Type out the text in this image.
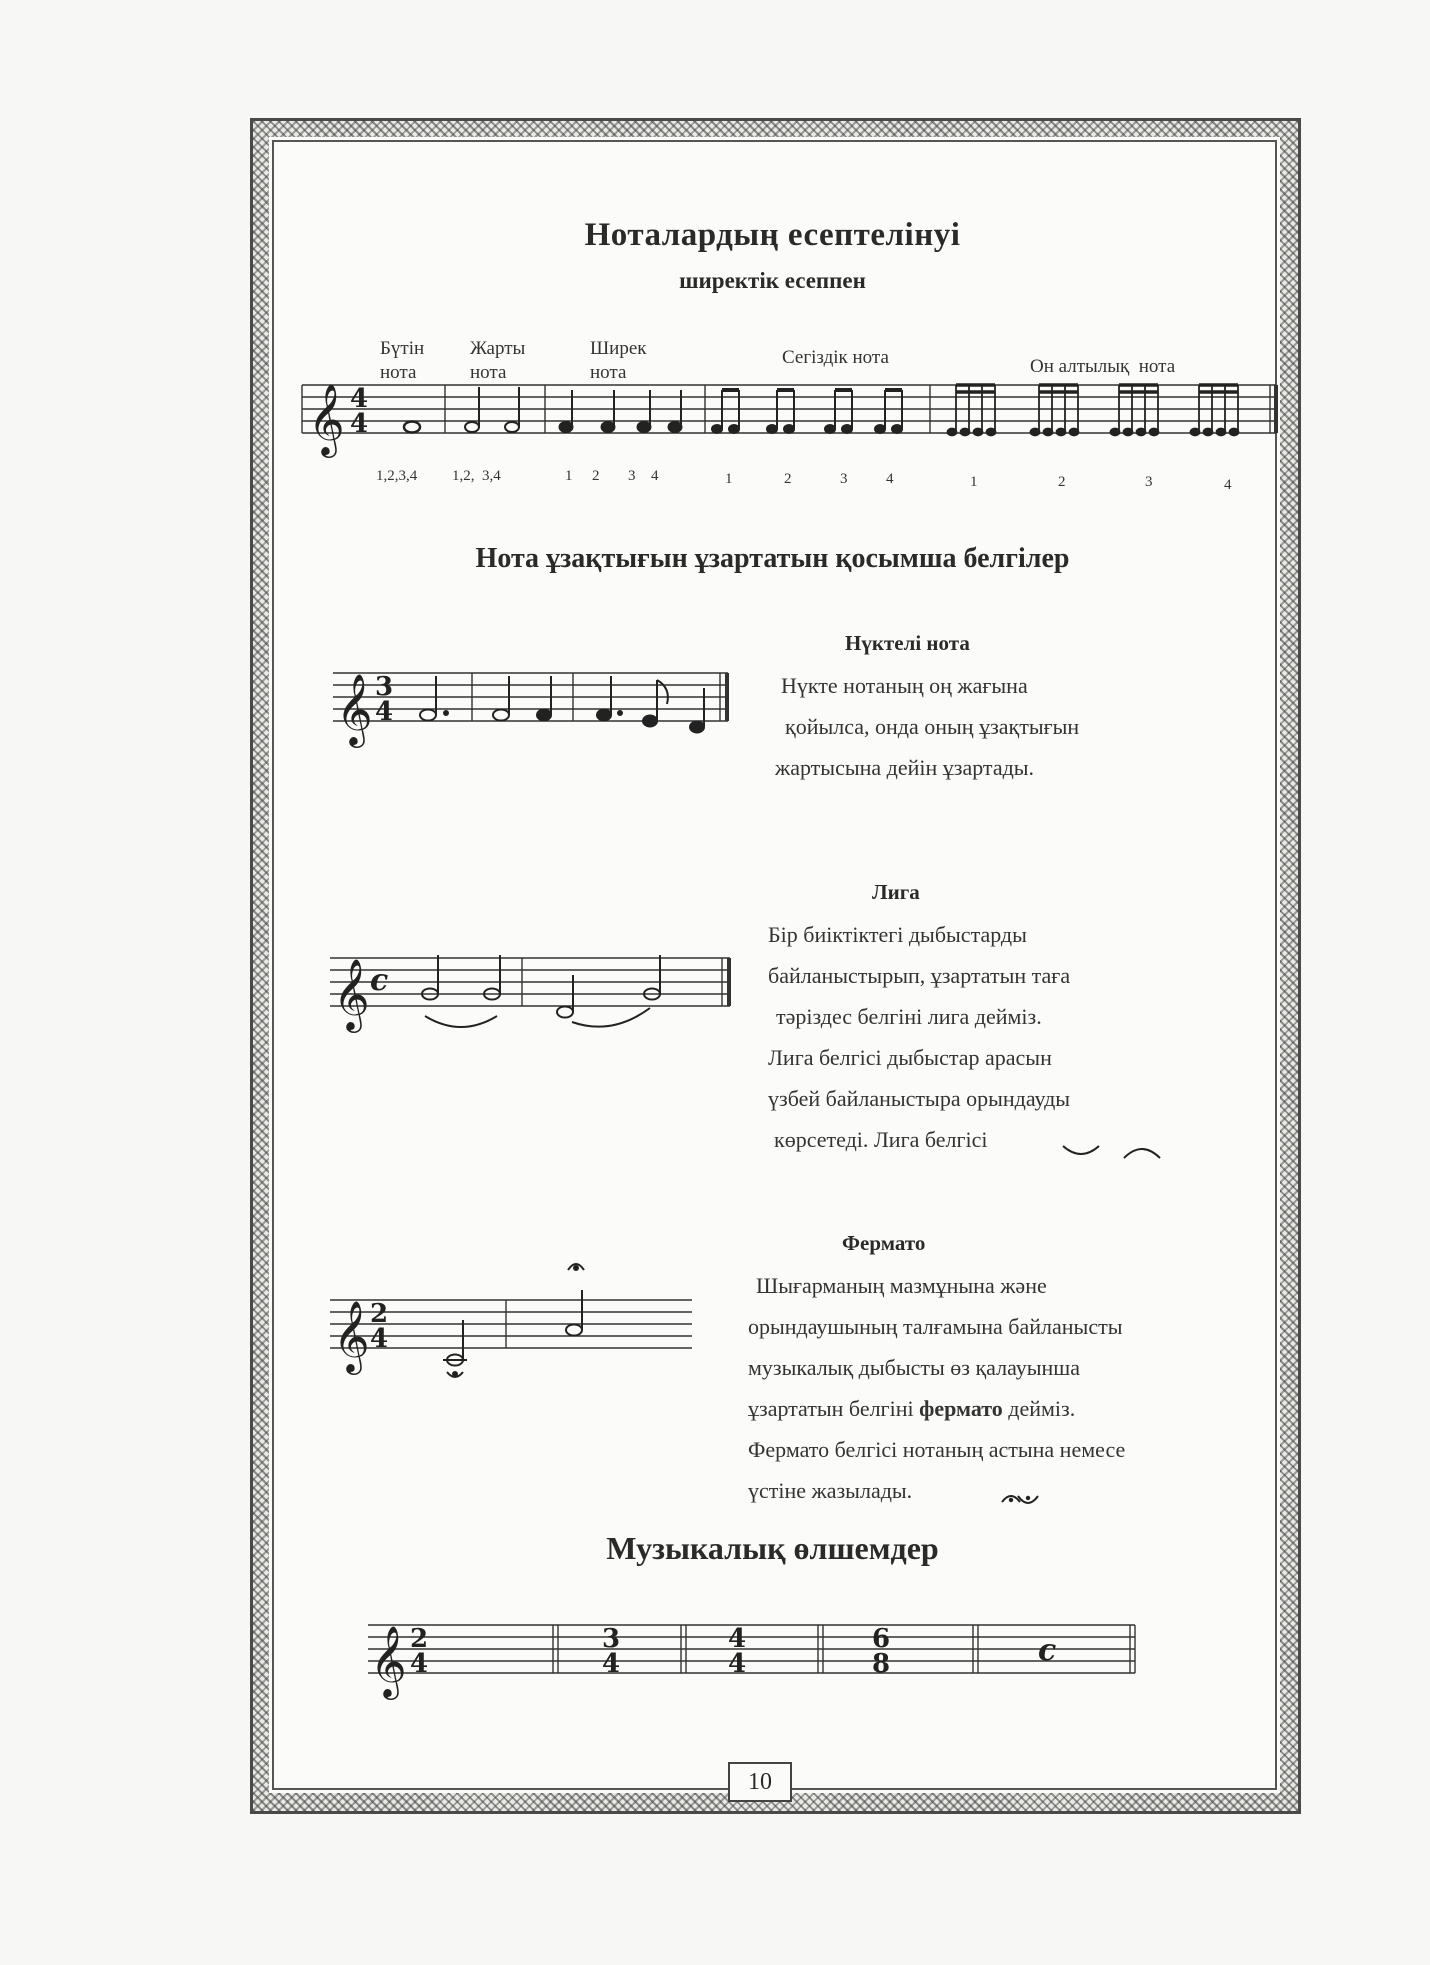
10
Ноталардың есептелінуі
ширектік есеппен
Бүтін
нота
Жарты
нота
Ширек
нота
Сегіздік нота	Он алтылық  нота
𝄞 4
4
1,2,3,4 1,2,  3,4	1 2 3 4	1	2	3	4	1	2	3	4
Нота ұзақтығын ұзартатын қосымша белгілер
Нүктелі нота
Нүкте нотаның оң жағына
қойылса, онда оның ұзақтығын
жартысына дейін ұзартады.
𝄞 3
4
Лига
Бір биіктіктегі дыбыстарды
байланыстырып, ұзартатын таға
тәріздес белгіні лига дейміз.
Лига белгісі дыбыстар арасын
үзбей байланыстыра орындауды
көрсетеді. Лига белгісі
𝄞 c
Фермато
Шығарманың мазмұнына және
орындаушының талғамына байланысты
музыкалық дыбысты өз қалауынша
ұзартатын белгіні фермато дейміз.
Фермато белгісі нотаның астына немесе
үстіне жазылады.
𝄞 2
4
Музыкалық өлшемдер
𝄞 2
4
3
4
4
4
6
8	c
